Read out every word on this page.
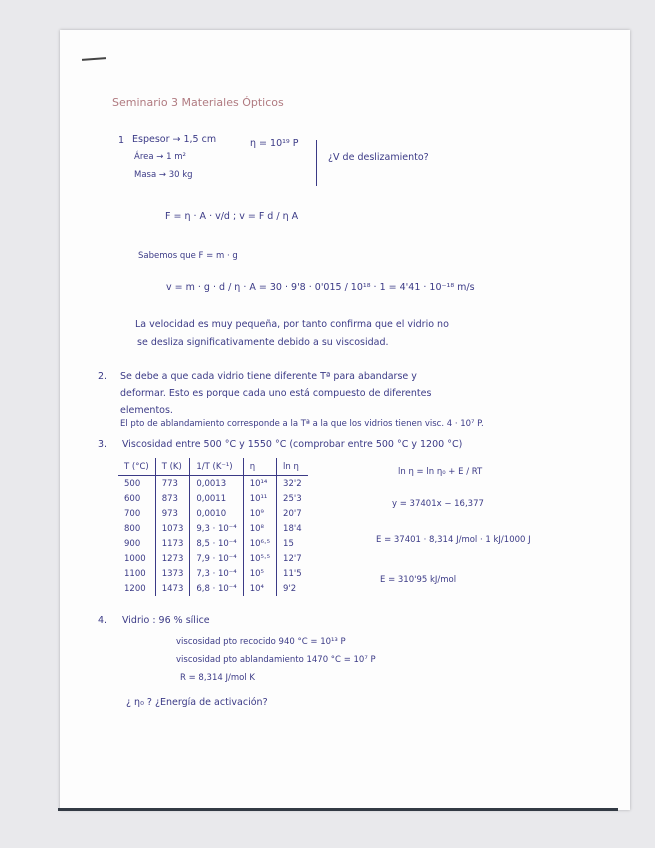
Seminario 3 Materiales Ópticos
1 Espesor → 1,5 cm
Área → 1 m²
Masa → 30 kg
η = 10¹⁹ P
¿V de deslizamiento?
F = η · A · v/d ; v = F d / η A
Sabemos que F = m · g
v = m · g · d / η · A = 30 · 9'8 · 0'015 / 10¹⁸ · 1 = 4'41 · 10⁻¹⁸ m/s
La velocidad es muy pequeña, por tanto confirma que el vidrio no
se desliza significativamente debido a su viscosidad.
2. Se debe a que cada vidrio tiene diferente Tª para abandarse y
deformar. Esto es porque cada uno está compuesto de diferentes
elementos.
El pto de ablandamiento corresponde a la Tª a la que los vidrios tienen visc. 4 · 10⁷ P.
3. Viscosidad entre 500 °C y 1550 °C (comprobar entre 500 °C y 1200 °C)
T (°C)	T (K)	1/T (K⁻¹)	η	ln η
500	773	0,0013	10¹⁴	32'2
600	873	0,0011	10¹¹	25'3
700	973	0,0010	10⁹	20'7
800	1073	9,3 · 10⁻⁴	10⁸	18'4
900	1173	8,5 · 10⁻⁴	10⁶·⁵	15
1000	1273	7,9 · 10⁻⁴	10⁵·⁵	12'7
1100	1373	7,3 · 10⁻⁴	10⁵	11'5
1200	1473	6,8 · 10⁻⁴	10⁴	9'2
ln η = ln η₀ + E / RT
y = 37401x − 16,377
E = 37401 · 8,314 J/mol · 1 kJ/1000 J
E = 310'95 kJ/mol
4. Vidrio : 96 % sílice
viscosidad pto recocido 940 °C = 10¹³ P
viscosidad pto ablandamiento 1470 °C = 10⁷ P
R = 8,314 J/mol K
¿ η₀ ? ¿Energía de activación?
